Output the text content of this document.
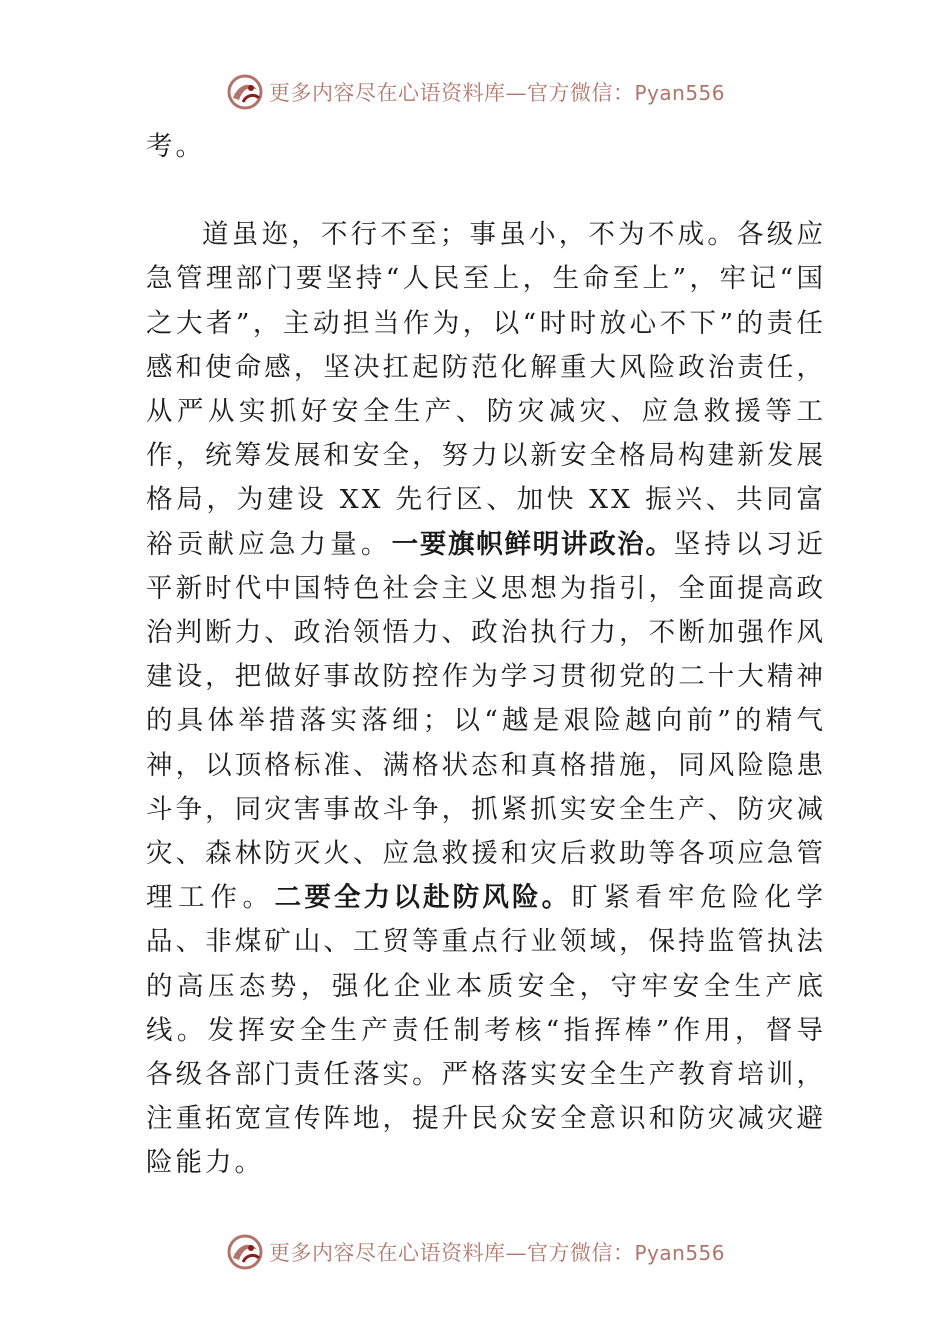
更多内容尽在心语资料库—官方微信：Pyan556

考。

道虽迩，不行不至；事虽小，不为不成。各级应急管理部门要坚持“人民至上，生命至上”，牢记“国之大者”，主动担当作为，以“时时放心不下”的责任感和使命感，坚决扛起防范化解重大风险政治责任，从严从实抓好安全生产、防灾减灾、应急救援等工作，统筹发展和安全，努力以新安全格局构建新发展格局，为建设 XX 先行区、加快 XX 振兴、共同富裕贡献应急力量。一要旗帜鲜明讲政治。坚持以习近平新时代中国特色社会主义思想为指引，全面提高政治判断力、政治领悟力、政治执行力，不断加强作风建设，把做好事故防控作为学习贯彻党的二十大精神的具体举措落实落细；以“越是艰险越向前”的精气神，以顶格标准、满格状态和真格措施，同风险隐患斗争，同灾害事故斗争，抓紧抓实安全生产、防灾减灾、森林防灭火、应急救援和灾后救助等各项应急管理工作。二要全力以赴防风险。盯紧看牢危险化学品、非煤矿山、工贸等重点行业领域，保持监管执法的高压态势，强化企业本质安全，守牢安全生产底线。发挥安全生产责任制考核“指挥棒”作用，督导各级各部门责任落实。严格落实安全生产教育培训，注重拓宽宣传阵地，提升民众安全意识和防灾减灾避险能力。

更多内容尽在心语资料库—官方微信：Pyan556
